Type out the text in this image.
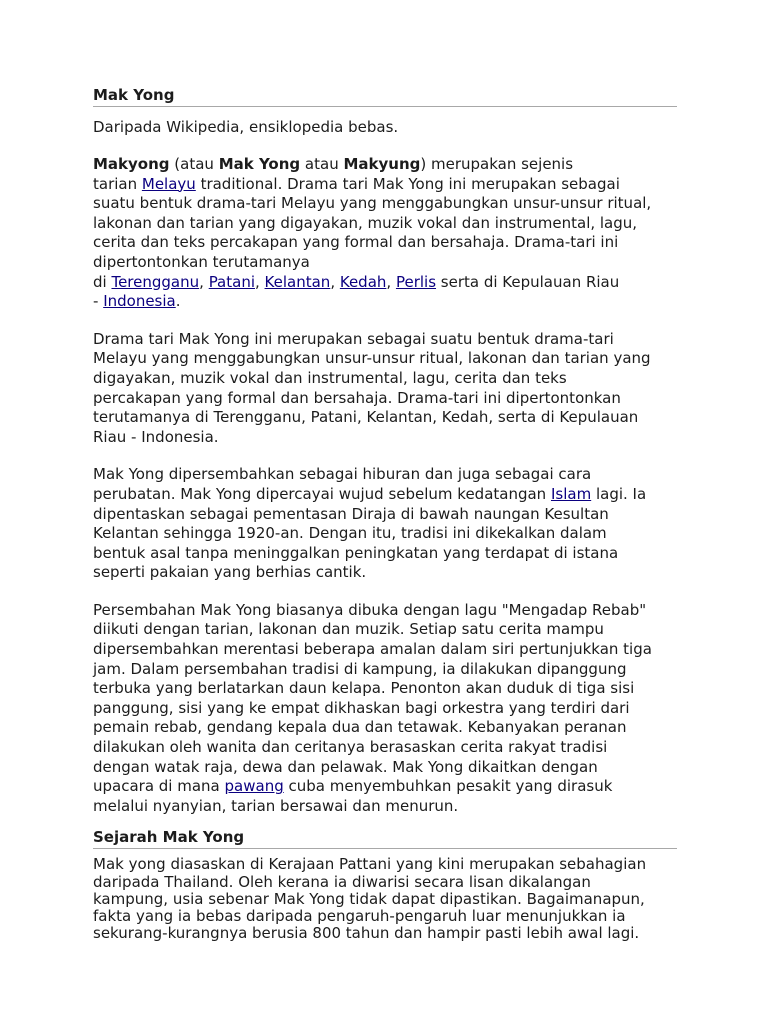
Mak Yong
Daripada Wikipedia, ensiklopedia bebas.

Makyong (atau Mak Yong atau Makyung) merupakan sejenis
tarian Melayu traditional. Drama tari Mak Yong ini merupakan sebagai
suatu bentuk drama-tari Melayu yang menggabungkan unsur-unsur ritual,
lakonan dan tarian yang digayakan, muzik vokal dan instrumental, lagu,
cerita dan teks percakapan yang formal dan bersahaja. Drama-tari ini
dipertontonkan terutamanya
di Terengganu, Patani, Kelantan, Kedah, Perlis serta di Kepulauan Riau
- Indonesia.

Drama tari Mak Yong ini merupakan sebagai suatu bentuk drama-tari
Melayu yang menggabungkan unsur-unsur ritual, lakonan dan tarian yang
digayakan, muzik vokal dan instrumental, lagu, cerita dan teks
percakapan yang formal dan bersahaja. Drama-tari ini dipertontonkan
terutamanya di Terengganu, Patani, Kelantan, Kedah, serta di Kepulauan
Riau - Indonesia.

Mak Yong dipersembahkan sebagai hiburan dan juga sebagai cara
perubatan. Mak Yong dipercayai wujud sebelum kedatangan Islam lagi. Ia
dipentaskan sebagai pementasan Diraja di bawah naungan Kesultan
Kelantan sehingga 1920-an. Dengan itu, tradisi ini dikekalkan dalam
bentuk asal tanpa meninggalkan peningkatan yang terdapat di istana
seperti pakaian yang berhias cantik.

Persembahan Mak Yong biasanya dibuka dengan lagu "Mengadap Rebab"
diikuti dengan tarian, lakonan dan muzik. Setiap satu cerita mampu
dipersembahkan merentasi beberapa amalan dalam siri pertunjukkan tiga
jam. Dalam persembahan tradisi di kampung, ia dilakukan dipanggung
terbuka yang berlatarkan daun kelapa. Penonton akan duduk di tiga sisi
panggung, sisi yang ke empat dikhaskan bagi orkestra yang terdiri dari
pemain rebab, gendang kepala dua dan tetawak. Kebanyakan peranan
dilakukan oleh wanita dan ceritanya berasaskan cerita rakyat tradisi
dengan watak raja, dewa dan pelawak. Mak Yong dikaitkan dengan
upacara di mana pawang cuba menyembuhkan pesakit yang dirasuk
melalui nyanyian, tarian bersawai dan menurun.

Sejarah Mak Yong

Mak yong diasaskan di Kerajaan Pattani yang kini merupakan sebahagian
daripada Thailand. Oleh kerana ia diwarisi secara lisan dikalangan
kampung, usia sebenar Mak Yong tidak dapat dipastikan. Bagaimanapun,
fakta yang ia bebas daripada pengaruh-pengaruh luar menunjukkan ia
sekurang-kurangnya berusia 800 tahun dan hampir pasti lebih awal lagi.
